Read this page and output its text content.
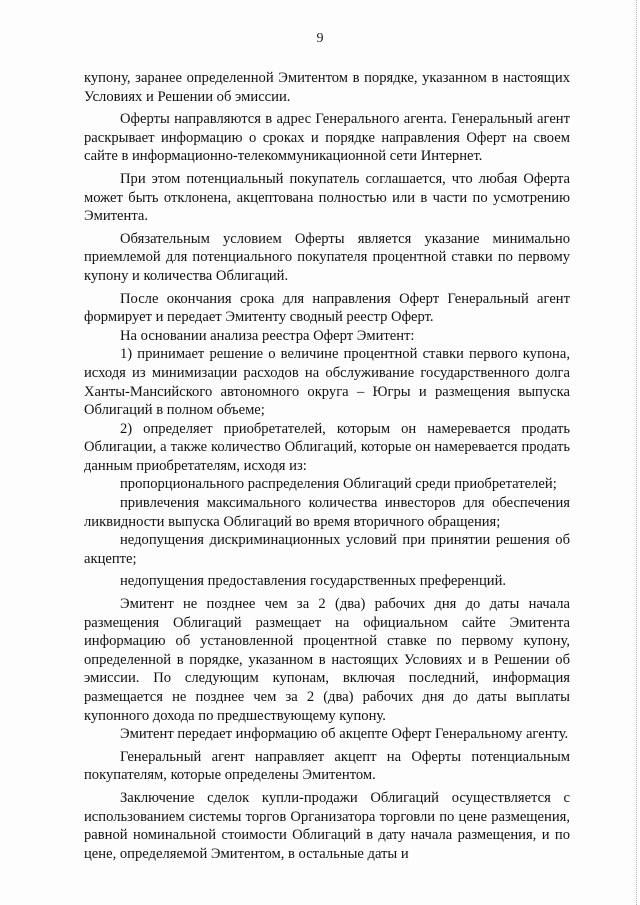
9

купону, заранее определенной Эмитентом в порядке, указанном в настоящих Условиях и Решении об эмиссии.

Оферты направляются в адрес Генерального агента. Генеральный агент раскрывает информацию о сроках и порядке направления Оферт на своем сайте в информационно-телекоммуникационной сети Интернет.

При этом потенциальный покупатель соглашается, что любая Оферта может быть отклонена, акцептована полностью или в части по усмотрению Эмитента.

Обязательным условием Оферты является указание минимально приемлемой для потенциального покупателя процентной ставки по первому купону и количества Облигаций.

После окончания срока для направления Оферт Генеральный агент формирует и передает Эмитенту сводный реестр Оферт.

На основании анализа реестра Оферт Эмитент:

1) принимает решение о величине процентной ставки первого купона, исходя из минимизации расходов на обслуживание государственного долга Ханты-Мансийского автономного округа – Югры и размещения выпуска Облигаций в полном объеме;

2) определяет приобретателей, которым он намеревается продать Облигации, а также количество Облигаций, которые он намеревается продать данным приобретателям, исходя из:

пропорционального распределения Облигаций среди приобретателей;

привлечения максимального количества инвесторов для обеспечения ликвидности выпуска Облигаций во время вторичного обращения;

недопущения дискриминационных условий при принятии решения об акцепте;

недопущения предоставления государственных преференций.

Эмитент не позднее чем за 2 (два) рабочих дня до даты начала размещения Облигаций размещает на официальном сайте Эмитента информацию об установленной процентной ставке по первому купону, определенной в порядке, указанном в настоящих Условиях и в Решении об эмиссии. По следующим купонам, включая последний, информация размещается не позднее чем за 2 (два) рабочих дня до даты выплаты купонного дохода по предшествующему купону.

Эмитент передает информацию об акцепте Оферт Генеральному агенту.

Генеральный агент направляет акцепт на Оферты потенциальным покупателям, которые определены Эмитентом.

Заключение сделок купли-продажи Облигаций осуществляется с использованием системы торгов Организатора торговли по цене размещения, равной номинальной стоимости Облигаций в дату начала размещения, и по цене, определяемой Эмитентом, в остальные даты и
